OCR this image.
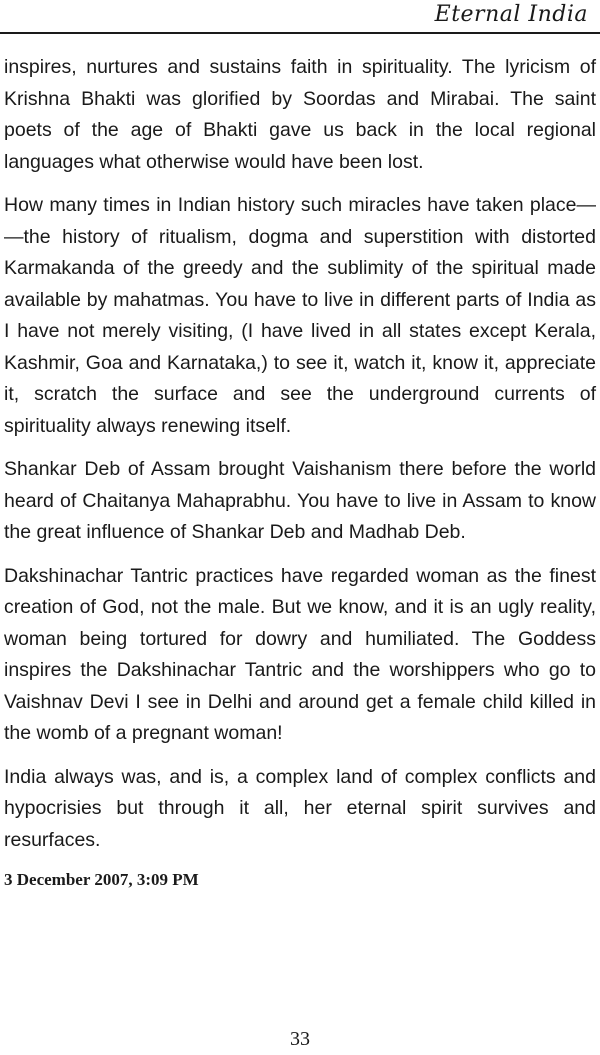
Eternal India

inspires, nurtures and sustains faith in spirituality. The lyricism of Krishna Bhakti was glorified by Soordas and Mirabai. The saint poets of the age of Bhakti gave us back in the local regional languages what otherwise would have been lost.

How many times in Indian history such miracles have taken place— —the history of ritualism, dogma and superstition with distorted Karmakanda of the greedy and the sublimity of the spiritual made available by mahatmas. You have to live in different parts of India as I have not merely visiting, (I have lived in all states except Kerala, Kashmir, Goa and Karnataka,) to see it, watch it, know it, appreciate it, scratch the surface and see the underground currents of spirituality always renewing itself.

Shankar Deb of Assam brought Vaishanism there before the world heard of Chaitanya Mahaprabhu. You have to live in Assam to know the great influence of Shankar Deb and Madhab Deb.

Dakshinachar Tantric practices have regarded woman as the finest creation of God, not the male. But we know, and it is an ugly reality, woman being tortured for dowry and humiliated. The Goddess inspires the Dakshinachar Tantric and the worshippers who go to Vaishnav Devi I see in Delhi and around get a female child killed in the womb of a pregnant woman!

India always was, and is, a complex land of complex conflicts and hypocrisies but through it all, her eternal spirit survives and resurfaces.

3 December 2007, 3:09 PM
33
